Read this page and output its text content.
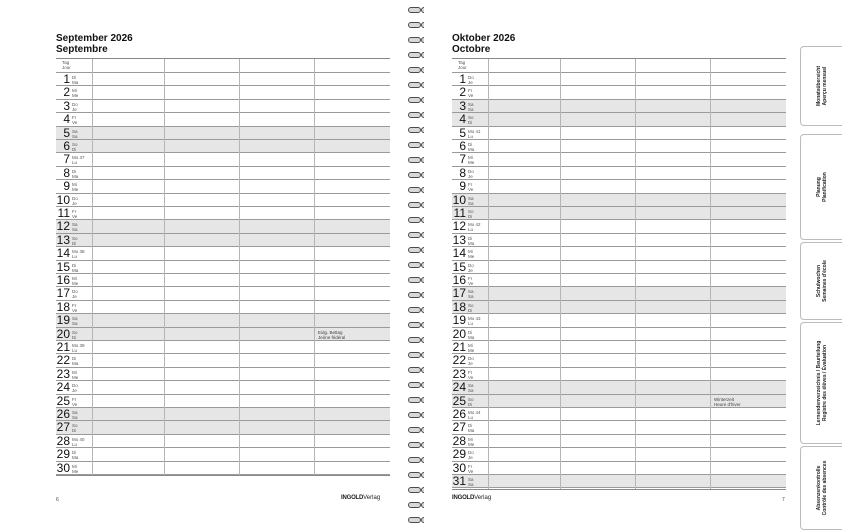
September 2026
Septembre
Tag
Jour
1 Di
Ma
2 Mi
Me
3 Do
Je
4 Fr
Ve
5 Sa
Sa
6 So
Di
7 Mo 37
Lu
8 Di
Ma
9 Mi
Me
10 Do
Je
11 Fr
Ve
12 Sa
Sa
13 So
Di
14 Mo 38
Lu
15 Di
Ma
16 Mi
Me
17 Do
Je
18 Fr
Ve
19 Sa
Sa
20 So
Di
Eidg. Bettag
Jeûne fédéral
21 Mo 39
Lu
22 Di
Ma
23 Mi
Me
24 Do
Je
25 Fr
Ve
26 Sa
Sa
27 So
Di
28 Mo 40
Lu
29 Di
Ma
30 Mi
Me
6	INGOLDVerlag
Oktober 2026
Octobre
Tag
Jour
1 Do
Je
2 Fr
Ve
3 Sa
Sa
4 So
Di
5 Mo 41
Lu
6 Di
Ma
7 Mi
Me
8 Do
Je
9 Fr
Ve
10 Sa
Sa
11 So
Di
12 Mo 42
Lu
13 Di
Ma
14 Mi
Me
15 Do
Je
16 Fr
Ve
17 Sa
Sa
18 So
Di
19 Mo 43
Lu
20 Di
Ma
21 Mi
Me
22 Do
Je
23 Fr
Ve
24 Sa
Sa
25 So
Di
Winterzeit
Heure d'hiver
26 Mo 44
Lu
27 Di
Ma
28 Mi
Me
29 Do
Je
30 Fr
Ve
31 Sa
Sa
7
INGOLDVerlag
Monatsübersicht
Aperçu mensuel
Planung
Planification
Schulwochen
Semaines d'école
Lernendenverzeichnis / Beurteilung
Registre des élèves / Évaluation
Absenzenkontrolle
Contrôle des absences
